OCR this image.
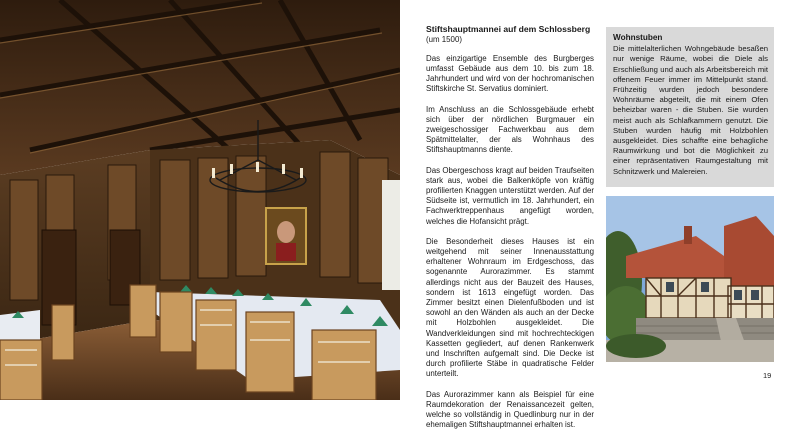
Stiftshauptmannei auf dem Schlossberg
(um 1500)

Das einzigartige Ensemble des Burgberges umfasst Gebäude aus dem 10. bis zum 18. Jahrhundert und wird von der hochromanischen Stiftskirche St. Servatius dominiert.

Im Anschluss an die Schlossgebäude erhebt sich über der nördlichen Burgmauer ein zweigeschossiger Fachwerkbau aus dem Spätmittelalter, der als Wohnhaus des Stiftshauptmanns diente.

Das Obergeschoss kragt auf beiden Traufseiten stark aus, wobei die Balkenköpfe von kräftig profilierten Knaggen unterstützt werden. Auf der Südseite ist, vermutlich im 18. Jahrhundert, ein Fachwerktreppenhaus angefügt worden, welches die Hofansicht prägt.

Die Besonderheit dieses Hauses ist ein weitgehend mit seiner Innenausstattung erhaltener Wohnraum im Erdgeschoss, das sogenannte Aurorazimmer. Es stammt allerdings nicht aus der Bauzeit des Hauses, sondern ist 1613 eingefügt worden. Das Zimmer besitzt einen Dielenfußboden und ist sowohl an den Wänden als auch an der Decke mit Holzbohlen ausgekleidet. Die Wandverkleidungen sind mit hochrechteckigen Kassetten gegliedert, auf denen Rankenwerk und Inschriften aufgemalt sind. Die Decke ist durch profilierte Stäbe in quadratische Felder unterteilt.

Das Aurorazimmer kann als Beispiel für eine Raumdekoration der Renaissancezeit gelten, welche so vollständig in Quedlinburg nur in der ehemaligen Stiftshauptmannei erhalten ist.

Wohnstuben

Die mittelalterlichen Wohngebäude besaßen nur wenige Räume, wobei die Diele als Erschließung und auch als Arbeitsbereich mit offenem Feuer immer im Mittelpunkt stand. Frühzeitig wurden jedoch besondere Wohnräume abgeteilt, die mit einem Ofen beheizbar waren - die Stuben. Sie wurden meist auch als Schlafkammern genutzt. Die Stuben wurden häufig mit Holzbohlen ausgekleidet. Dies schaffte eine behagliche Raumwirkung und bot die Möglichkeit zu einer repräsentativen Raumgestaltung mit Schnitzwerk und Malereien.

19
